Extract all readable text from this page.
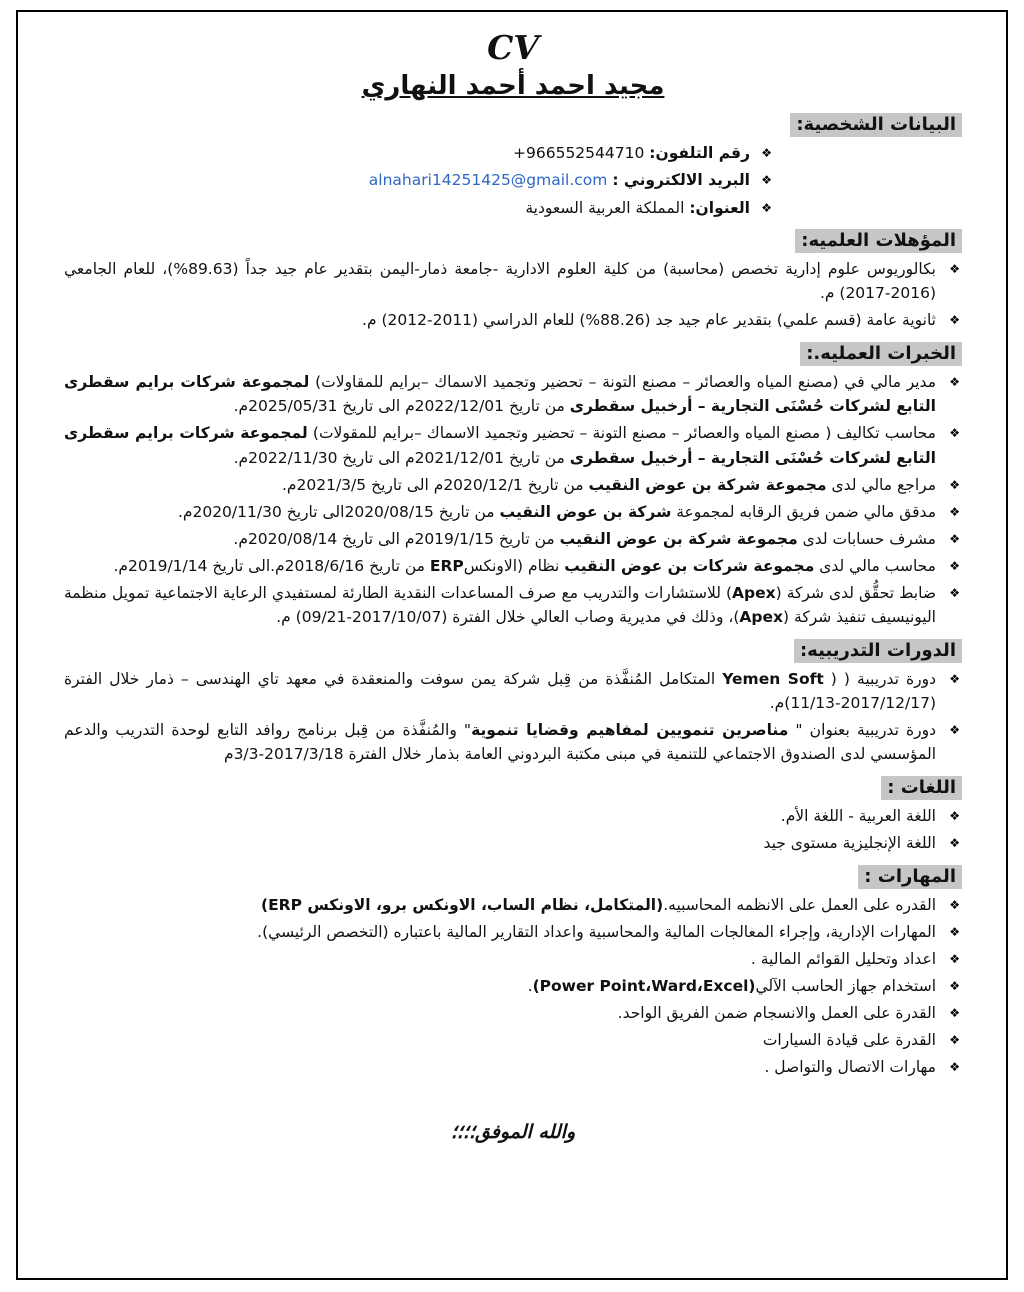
CV
مجيد احمد أحمد النهاري
البيانات الشخصية:
❖
رقم التلفون: +966552544710
❖
البريد الالكتروني : alnahari14251425@gmail.com
❖
العنوان: المملكة العربية السعودية
المؤهلات العلميه:
❖
بكالوريوس علوم إدارية تخصص (محاسبة) من كلية العلوم الادارية -جامعة ذمار-اليمن بتقدير عام جيد جداً (89.63%)، للعام الجامعي (2016-2017) م.
❖
ثانوية عامة (قسم علمي) بتقدير عام جيد جد (88.26%) للعام الدراسي (2011-2012) م.
الخبرات العمليه.:
❖
مدير مالي في (مصنع المياه والعصائر – مصنع التونة – تحضير وتجميد الاسماك –برايم للمقاولات) لمجموعة شركات برايم سقطرى التابع لشركات حُسْنَى التجارية – أرخبيل سقطرى من تاريخ 2022/12/01م الى تاريخ 2025/05/31م.
❖
محاسب تكاليف ( مصنع المياه والعصائر – مصنع التونة – تحضير وتجميد الاسماك –برايم للمقولات) لمجموعة شركات برايم سقطرى التابع لشركات حُسْنَى التجارية – أرخبيل سقطرى من تاريخ 2021/12/01م الى تاريخ 2022/11/30م.
❖
مراجع مالي لدى مجموعة شركة بن عوض النقيب من تاريخ 2020/12/1م الى تاريخ 2021/3/5م.
❖
مدقق مالي ضمن فريق الرقابه لمجموعة شركة بن عوض النقيب من تاريخ 2020/08/15الى تاريخ 2020/11/30م.
❖
مشرف حسابات لدى مجموعة شركة بن عوض النقيب من تاريخ 2019/1/15م الى تاريخ 2020/08/14م.
❖
محاسب مالي لدى مجموعة شركات بن عوض النقيب نظام (الاونكسERP من تاريخ 2018/6/16م.الى تاريخ 2019/1/14م.
❖
ضابط تحقُّق لدى شركة (Apex) للاستشارات والتدريب مع صرف المساعدات النقدية الطارئة لمستفيدي الرعاية الاجتماعية تمويل منظمة اليونيسيف تنفيذ شركة (Apex)، وذلك في مديرية وصاب العالي خلال الفترة (2017/10/07-09/21) م.
الدورات التدريبيه:
❖
دورة تدريبية ( ( Yemen Soft المتكامل المُنفَّذة من قِبل شركة يمن سوفت والمنعقدة في معهد تاي الهندسى – ذمار خلال الفترة (2017/12/17-11/13)م.
❖
دورة تدريبية بعنوان " مناصرين تنمويين لمفاهيم وقضايا تنموية" والمُنفَّذة من قِبل برنامج روافد التابع لوحدة التدريب والدعم المؤسسي لدى الصندوق الاجتماعي للتنمية في مبنى مكتبة البردوني العامة بذمار خلال الفترة 2017/3/18-3/3م
اللغات :
❖
اللغة العربية - اللغة الأم.
❖
اللغة الإنجليزية مستوى جيد
المهارات :
❖
القدره على العمل على الانظمه المحاسبيه.(المتكامل، نظام الساب، الاونكس برو، الاونكس ERP)
❖
المهارات الإدارية، وإجراء المعالجات المالية والمحاسبية واعداد التقارير المالية باعتباره (التخصص الرئيسي).
❖
اعداد وتحليل القوائم المالية .
❖
استخدام جهاز الحاسب الآلي(Power Point،Ward،Excel).
❖
القدرة على العمل والانسجام ضمن الفريق الواحد.
❖
القدرة على قيادة السيارات
❖
مهارات الاتصال والتواصل .
والله الموفق؛؛؛؛
